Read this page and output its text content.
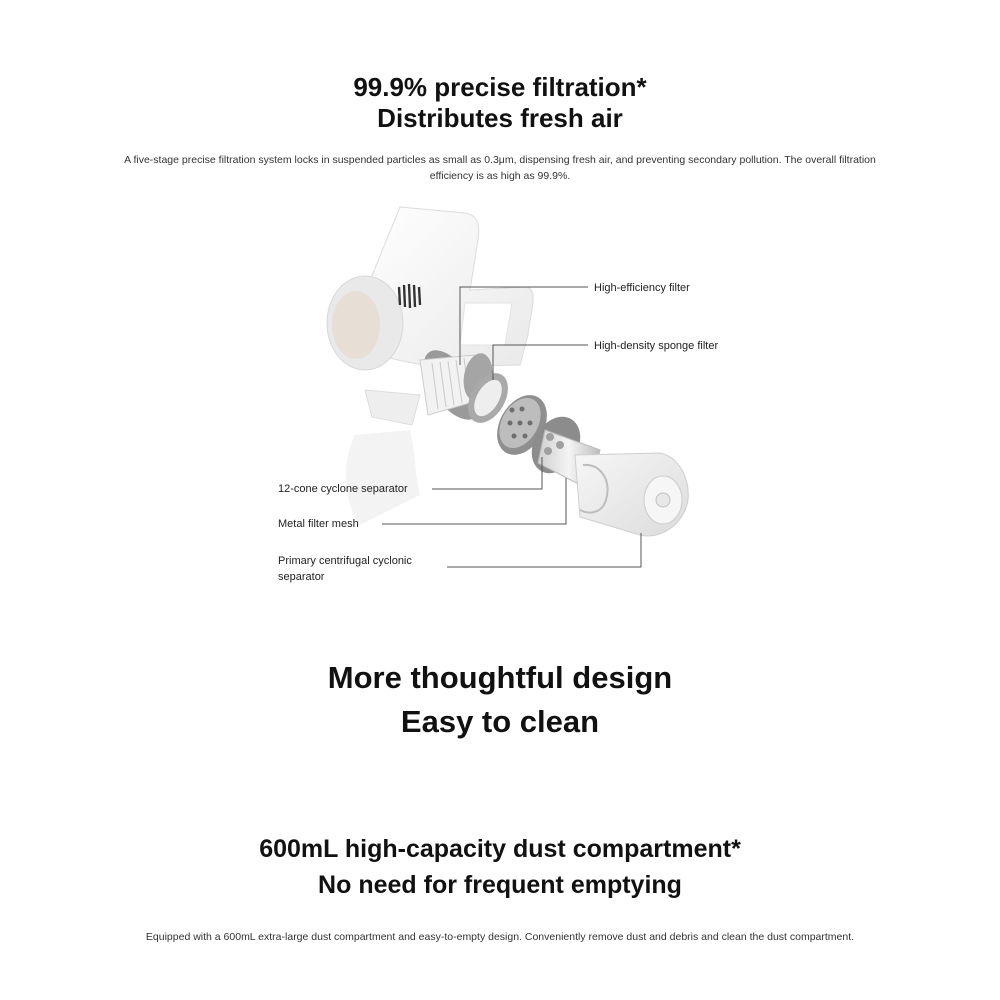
99.9% precise filtration*
Distributes fresh air

A five-stage precise filtration system locks in suspended particles as small as 0.3μm, dispensing fresh air, and preventing secondary pollution. The overall filtration efficiency is as high as 99.9%.

High-efficiency filter
High-density sponge filter
12-cone cyclone separator
Metal filter mesh
Primary centrifugal cyclonic
separator
More thoughtful design
Easy to clean
600mL high-capacity dust compartment*
No need for frequent emptying

Equipped with a 600mL extra-large dust compartment and easy-to-empty design. Conveniently remove dust and debris and clean the dust compartment.
